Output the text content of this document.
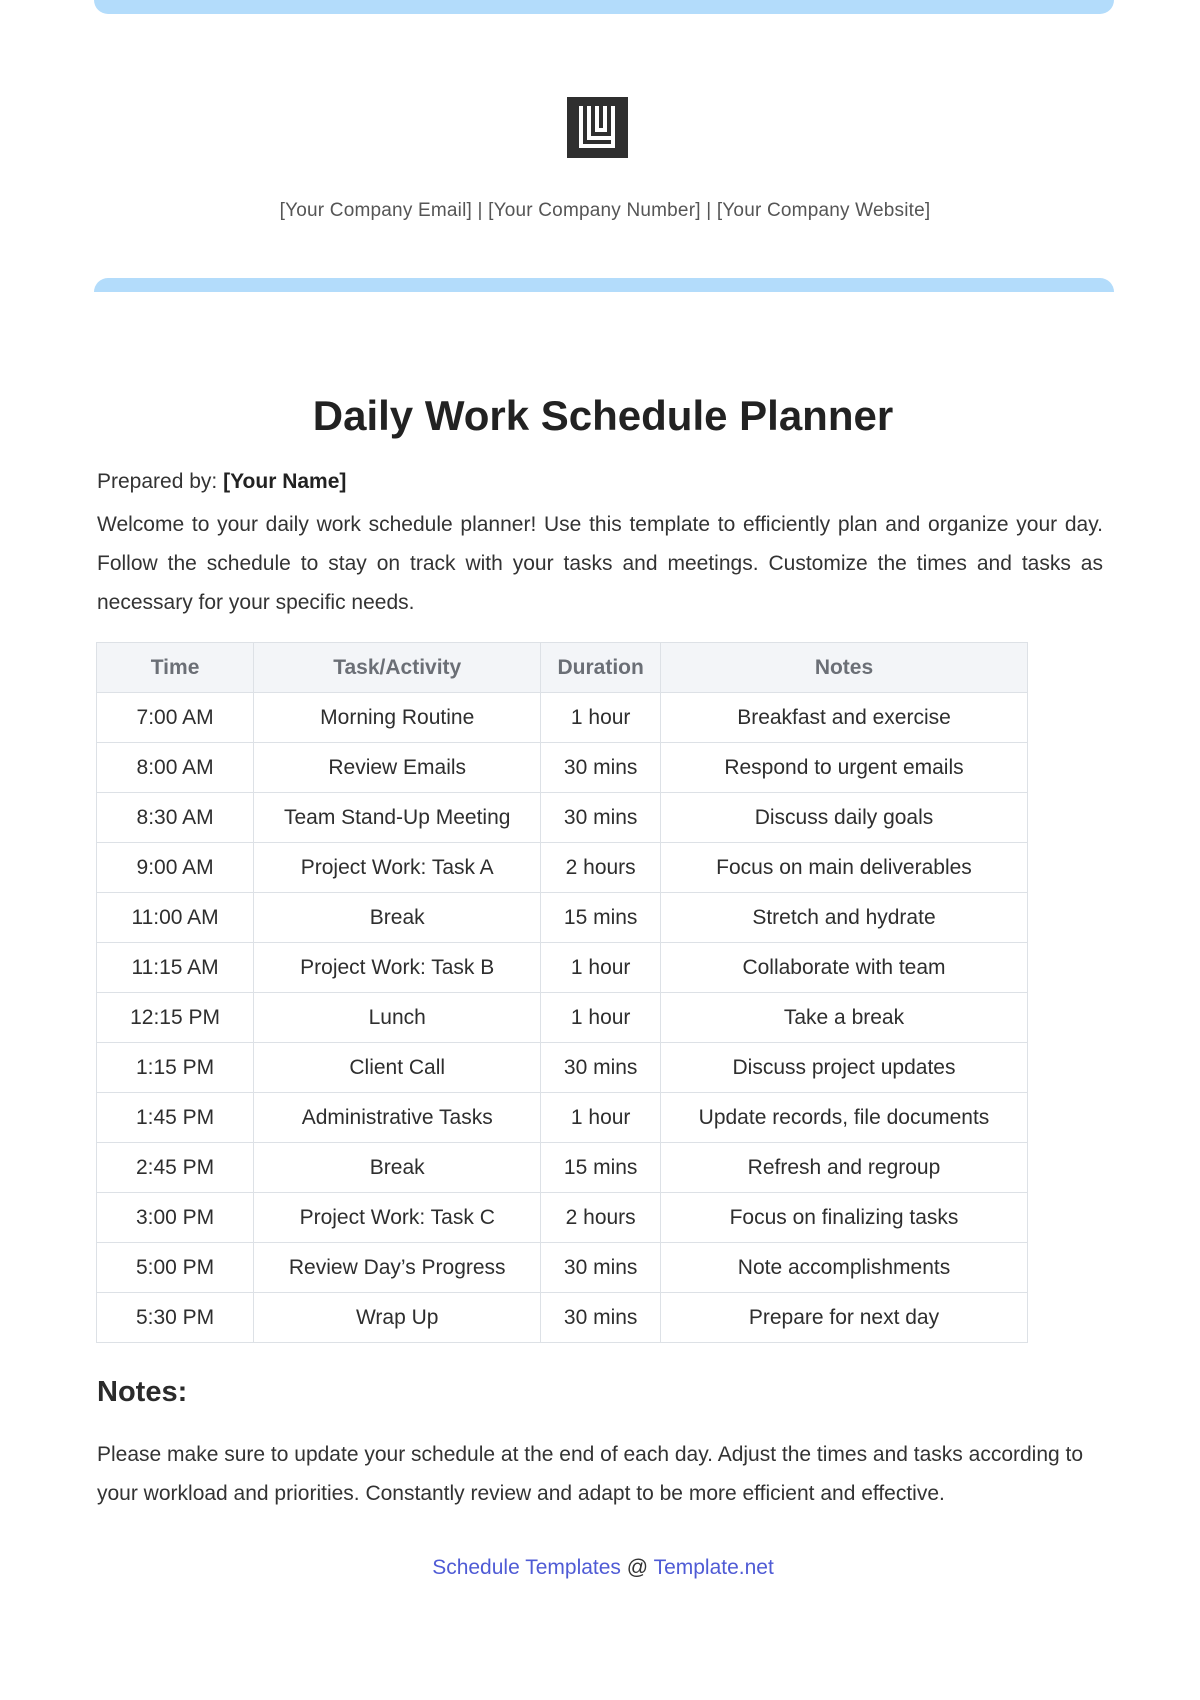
[Your Company Email] | [Your Company Number] | [Your Company Website]
Daily Work Schedule Planner
Prepared by: [Your Name]
Welcome to your daily work schedule planner! Use this template to efficiently plan and organize your day. Follow the schedule to stay on track with your tasks and meetings. Customize the times and tasks as necessary for your specific needs.
Time	Task/Activity	Duration	Notes
7:00 AM	Morning Routine	1 hour	Breakfast and exercise
8:00 AM	Review Emails	30 mins	Respond to urgent emails
8:30 AM	Team Stand-Up Meeting	30 mins	Discuss daily goals
9:00 AM	Project Work: Task A	2 hours	Focus on main deliverables
11:00 AM	Break	15 mins	Stretch and hydrate
11:15 AM	Project Work: Task B	1 hour	Collaborate with team
12:15 PM	Lunch	1 hour	Take a break
1:15 PM	Client Call	30 mins	Discuss project updates
1:45 PM	Administrative Tasks	1 hour	Update records, file documents
2:45 PM	Break	15 mins	Refresh and regroup
3:00 PM	Project Work: Task C	2 hours	Focus on finalizing tasks
5:00 PM	Review Day’s Progress	30 mins	Note accomplishments
5:30 PM	Wrap Up	30 mins	Prepare for next day
Notes:
Please make sure to update your schedule at the end of each day. Adjust the times and tasks according to your workload and priorities. Constantly review and adapt to be more efficient and effective.
Schedule Templates @ Template.net
